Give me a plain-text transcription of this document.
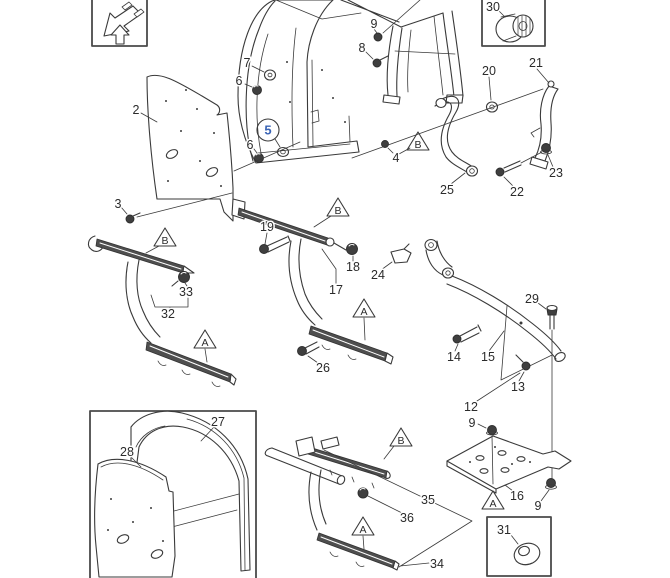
B
B
A
B
A
B
A
A
2
3
7
6
6
4
9
8
30
20
21
23
22
25
33
32
19
18
17
24
26
29
14 15
13
12
9
16
9
31
27
28
35
36
34
5
